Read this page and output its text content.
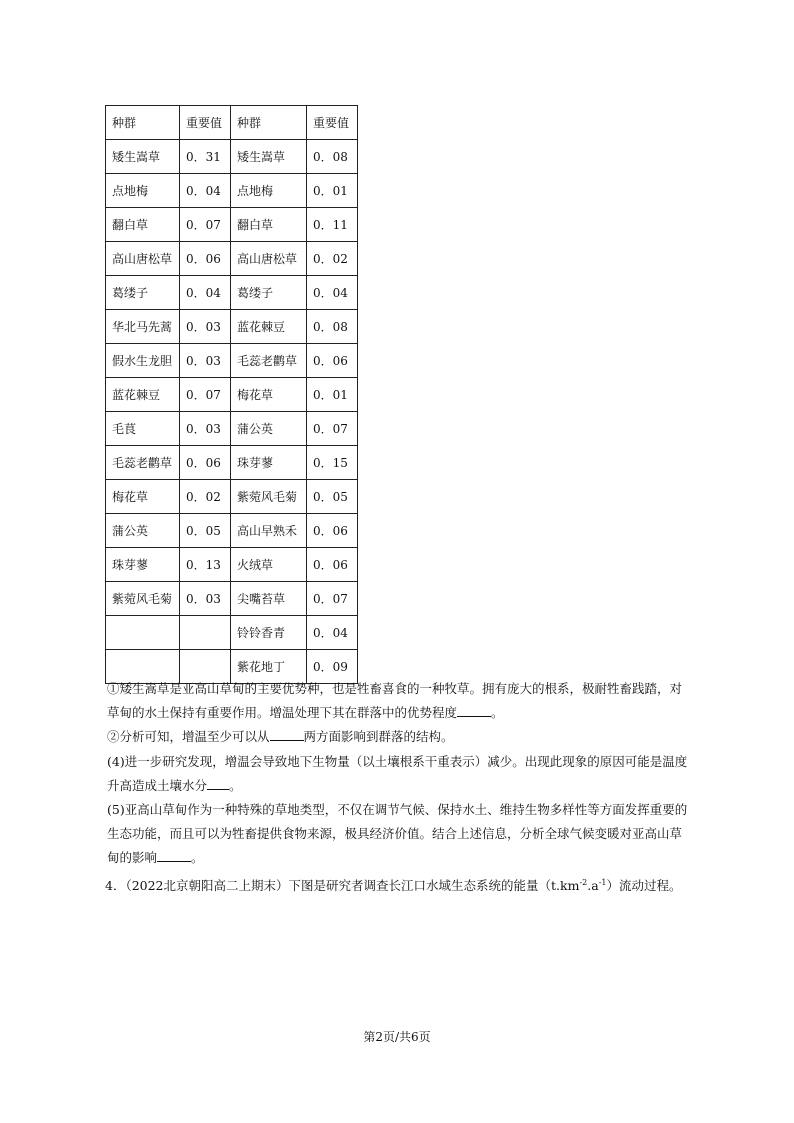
种群	重要值	种群	重要值
矮生嵩草	0．31	矮生嵩草	0．08
点地梅	0．04	点地梅	0．01
翻白草	0．07	翻白草	0．11
高山唐松草	0．06	高山唐松草	0．02
葛缕子	0．04	葛缕子	0．04
华北马先蒿	0．03	蓝花棘豆	0．08
假水生龙胆	0．03	毛蕊老鹳草	0．06
蓝花棘豆	0．07	梅花草	0．01
毛茛	0．03	蒲公英	0．07
毛蕊老鹳草	0．06	珠芽蓼	0．15
梅花草	0．02	紫菀风毛菊	0．05
蒲公英	0．05	高山早熟禾	0．06
珠芽蓼	0．13	火绒草	0．06
紫菀风毛菊	0．03	尖嘴苔草	0．07
		铃铃香青	0．04
		紫花地丁	0．09
①矮生嵩草是亚高山草甸的主要优势种，也是牲畜喜食的一种牧草。拥有庞大的根系，极耐牲畜践踏，对
草甸的水土保持有重要作用。增温处理下其在群落中的优势程度	。
②分析可知，增温至少可以从	两方面影响到群落的结构。
(4)进一步研究发现，增温会导致地下生物量（以土壤根系干重表示）减少。出现此现象的原因可能是温度
升高造成土壤水分 。
(5)亚高山草甸作为一种特殊的草地类型，不仅在调节气候、保持水土、维持生物多样性等方面发挥重要的
生态功能，而且可以为牲畜提供食物来源，极具经济价值。结合上述信息，分析全球气候变暖对亚高山草
甸的影响	。
4．（2022北京朝阳高二上期末）下图是研究者调查长江口水域生态系统的能量$(t.km^{-2}.a^{-1})$流动过程。
第2页/共6页
